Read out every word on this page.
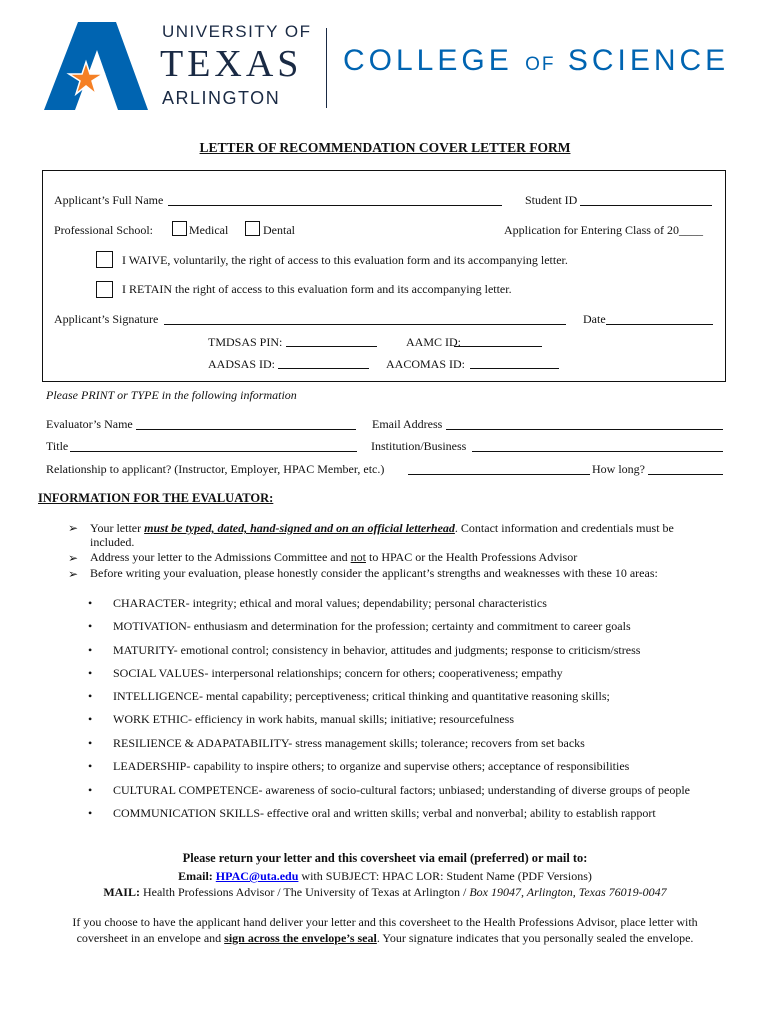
UNIVERSITY OF
TEXAS
ARLINGTON
COLLEGE OF SCIENCE
LETTER OF RECOMMENDATION COVER LETTER FORM
Applicant’s Full Name	Student ID
Professional School:	Medical	Dental	Application for Entering Class of 20____
I WAIVE, voluntarily, the right of access to this evaluation form and its accompanying letter.
I RETAIN the right of access to this evaluation form and its accompanying letter.
Applicant’s Signature	Date
TMDSAS PIN:	AAMC ID:
AADSAS ID:	AACOMAS ID:
Please PRINT or TYPE in the following information
Evaluator’s Name	Email Address
Title	Institution/Business
Relationship to applicant? (Instructor, Employer, HPAC Member, etc.)	How long?
INFORMATION FOR THE EVALUATOR:
➢ Your letter must be typed, dated, hand-signed and on an official letterhead. Contact information and credentials must be
included.
➢ Address your letter to the Admissions Committee and not to HPAC or the Health Professions Advisor
➢ Before writing your evaluation, please honestly consider the applicant’s strengths and weaknesses with these 10 areas:
• CHARACTER- integrity; ethical and moral values; dependability; personal characteristics
• MOTIVATION- enthusiasm and determination for the profession; certainty and commitment to career goals
• MATURITY- emotional control; consistency in behavior, attitudes and judgments; response to criticism/stress
• SOCIAL VALUES- interpersonal relationships; concern for others; cooperativeness; empathy
• INTELLIGENCE- mental capability; perceptiveness; critical thinking and quantitative reasoning skills;
• WORK ETHIC- efficiency in work habits, manual skills; initiative; resourcefulness
• RESILIENCE & ADAPATABILITY- stress management skills; tolerance; recovers from set backs
• LEADERSHIP- capability to inspire others; to organize and supervise others; acceptance of responsibilities
• CULTURAL COMPETENCE- awareness of socio-cultural factors; unbiased; understanding of diverse groups of people
• COMMUNICATION SKILLS- effective oral and written skills; verbal and nonverbal; ability to establish rapport
Please return your letter and this coversheet via email (preferred) or mail to:
Email: HPAC@uta.edu with SUBJECT: HPAC LOR: Student Name (PDF Versions)
MAIL: Health Professions Advisor / The University of Texas at Arlington / Box 19047, Arlington, Texas 76019-0047
If you choose to have the applicant hand deliver your letter and this coversheet to the Health Professions Advisor, place letter with
coversheet in an envelope and sign across the envelope’s seal. Your signature indicates that you personally sealed the envelope.
